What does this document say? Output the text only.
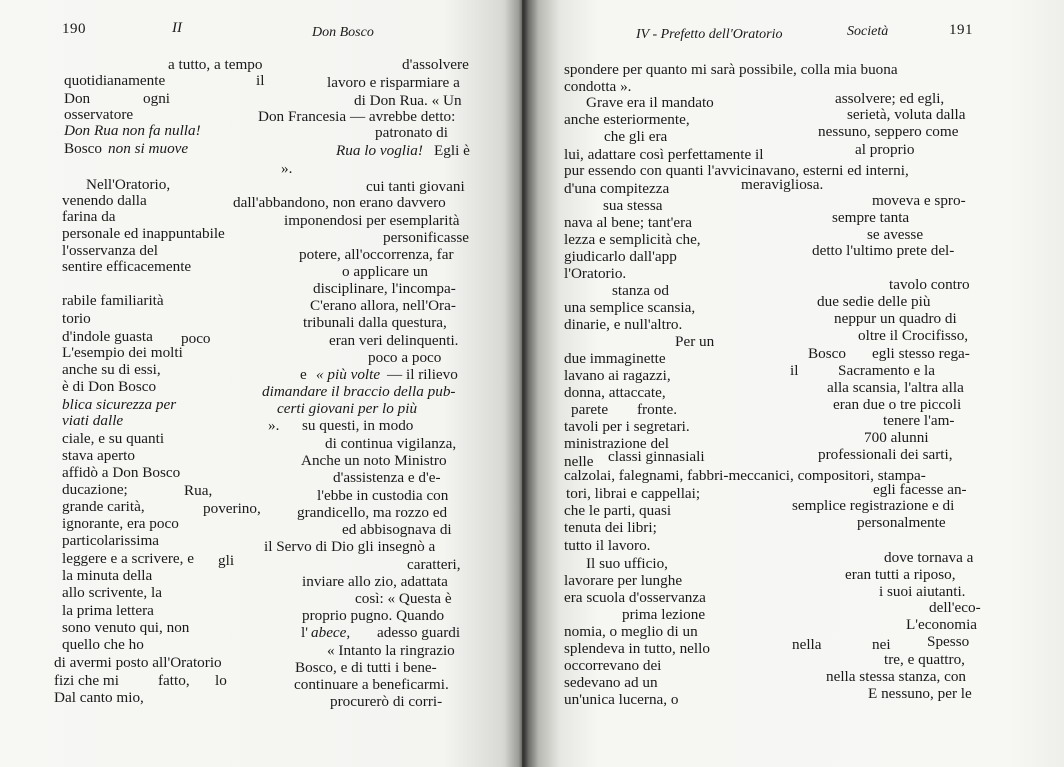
190	II	Don Bosco
a tutto, a tempo	d'assolvere
quotidianamente	il	lavoro e risparmiare a
Don	ogni	di Don Rua. « Un
osservatore	Don Francesia — avrebbe detto:
Don Rua non fa nulla!	patronato di
Bosco non si muove	Rua lo voglia! Egli è
».
Nell'Oratorio,	cui tanti giovani
venendo dalla	dall'abbandono, non erano davvero
farina da	imponendosi per esemplarità
personale ed inappuntabile	personificasse
l'osservanza del	potere, all'occorrenza, far
sentire efficacemente	o applicare un
disciplinare, l'incompa-
rabile familiarità	C'erano allora, nell'Ora-
torio	tribunali dalla questura,
d'indole guasta poco	eran veri delinquenti.
L'esempio dei molti	poco a poco
anche su di essi,	e « più volte — il rilievo
è di Don Bosco	dimandare il braccio della pub-
blica sicurezza per	certi giovani per lo più
viati dalle	». su questi, in modo
ciale, e su quanti	di continua vigilanza,
stava aperto	Anche un noto Ministro
affidò a Don Bosco	d'assistenza e d'e-
ducazione;	Rua,	l'ebbe in custodia con
grande carità,	poverino, grandicello, ma rozzo ed
ignorante, era poco	ed abbisognava di
particolarissima	il Servo di Dio gli insegnò a
leggere e a scrivere, e gli	caratteri,
la minuta della	inviare allo zio, adattata
allo scrivente, la	così: « Questa è
la prima lettera	proprio pugno. Quando
sono venuto qui, non	l' abece, adesso guardi
quello che ho	« Intanto la ringrazio
di avermi posto all'Oratorio	Bosco, e di tutti i bene-
fizi che mi	fatto, lo	continuare a beneficarmi.
Dal canto mio,	procurerò di corri-
IV - Prefetto dell'Oratorio	Società	191
spondere per quanto mi sarà possibile, colla mia buona
condotta ».
Grave era il mandato	assolvere; ed egli,
anche esteriormente,	serietà, voluta dalla
che gli era	nessuno, seppero come
lui, adattare così perfettamente il	al proprio
pur essendo con quanti l'avvicinavano, esterni ed interni,
d'una compitezza	meravigliosa.
moveva e spro-
sua stessa
sempre tanta
nava al bene; tant'era
se avesse
lezza e semplicità che,
detto l'ultimo prete del-
giudicarlo dall'app
l'Oratorio.
tavolo contro
stanza od
due sedie delle più
una semplice scansia,
neppur un quadro di
dinarie, e null'altro.
oltre il Crocifisso,
Per un
Bosco egli stesso rega-
due immaginette
il	Sacramento e la
lavano ai ragazzi,
alla scansia, l'altra alla
donna, attaccate,
eran due o tre piccoli
parete fronte.
tenere l'am-
tavoli per i segretari.
700 alunni
ministrazione del
professionali dei sarti,
nelle classi ginnasiali
calzolai, falegnami, fabbri-meccanici, compositori, stampa-
tori, librai e cappellai;	egli facesse an-
che le parti, quasi	semplice registrazione e di
tenuta dei libri;	personalmente
tutto il lavoro.
Il suo ufficio,	dove tornava a
lavorare per lunghe	eran tutti a riposo,
era scuola d'osservanza	i suoi aiutanti.
prima lezione	dell'eco-
nomia, o meglio di un	L'economia
splendeva in tutto, nello	nella	nei Spesso
occorrevano dei	tre, e quattro,
sedevano ad un	nella stessa stanza, con
un'unica lucerna, o	E nessuno, per le
